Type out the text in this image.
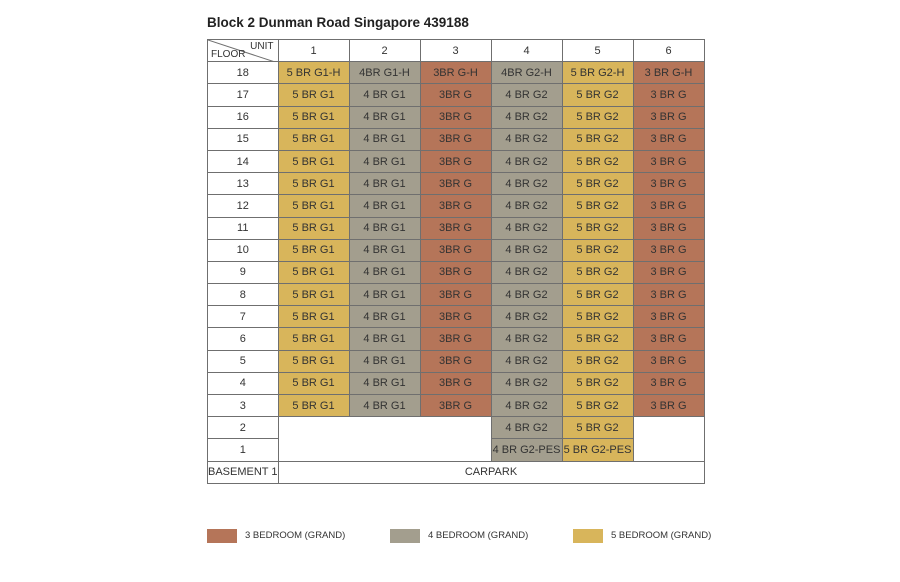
Block 2 Dunman Road Singapore 439188
UNIT
FLOOR	1	2	3	4	5	6
18	5 BR G1-H	4BR G1-H	3BR G-H	4BR G2-H	5 BR G2-H	3 BR G-H
17	5 BR G1	4 BR G1	3BR G	4 BR G2	5 BR G2	3 BR G
16	5 BR G1	4 BR G1	3BR G	4 BR G2	5 BR G2	3 BR G
15	5 BR G1	4 BR G1	3BR G	4 BR G2	5 BR G2	3 BR G
14	5 BR G1	4 BR G1	3BR G	4 BR G2	5 BR G2	3 BR G
13	5 BR G1	4 BR G1	3BR G	4 BR G2	5 BR G2	3 BR G
12	5 BR G1	4 BR G1	3BR G	4 BR G2	5 BR G2	3 BR G
11	5 BR G1	4 BR G1	3BR G	4 BR G2	5 BR G2	3 BR G
10	5 BR G1	4 BR G1	3BR G	4 BR G2	5 BR G2	3 BR G
9	5 BR G1	4 BR G1	3BR G	4 BR G2	5 BR G2	3 BR G
8	5 BR G1	4 BR G1	3BR G	4 BR G2	5 BR G2	3 BR G
7	5 BR G1	4 BR G1	3BR G	4 BR G2	5 BR G2	3 BR G
6	5 BR G1	4 BR G1	3BR G	4 BR G2	5 BR G2	3 BR G
5	5 BR G1	4 BR G1	3BR G	4 BR G2	5 BR G2	3 BR G
4	5 BR G1	4 BR G1	3BR G	4 BR G2	5 BR G2	3 BR G
3	5 BR G1	4 BR G1	3BR G	4 BR G2	5 BR G2	3 BR G
2				4 BR G2	5 BR G2	
1				4 BR G2-PES	5 BR G2-PES	
BASEMENT 1	CARPARK					
3 BEDROOM (GRAND)	4 BEDROOM (GRAND)	5 BEDROOM (GRAND)
